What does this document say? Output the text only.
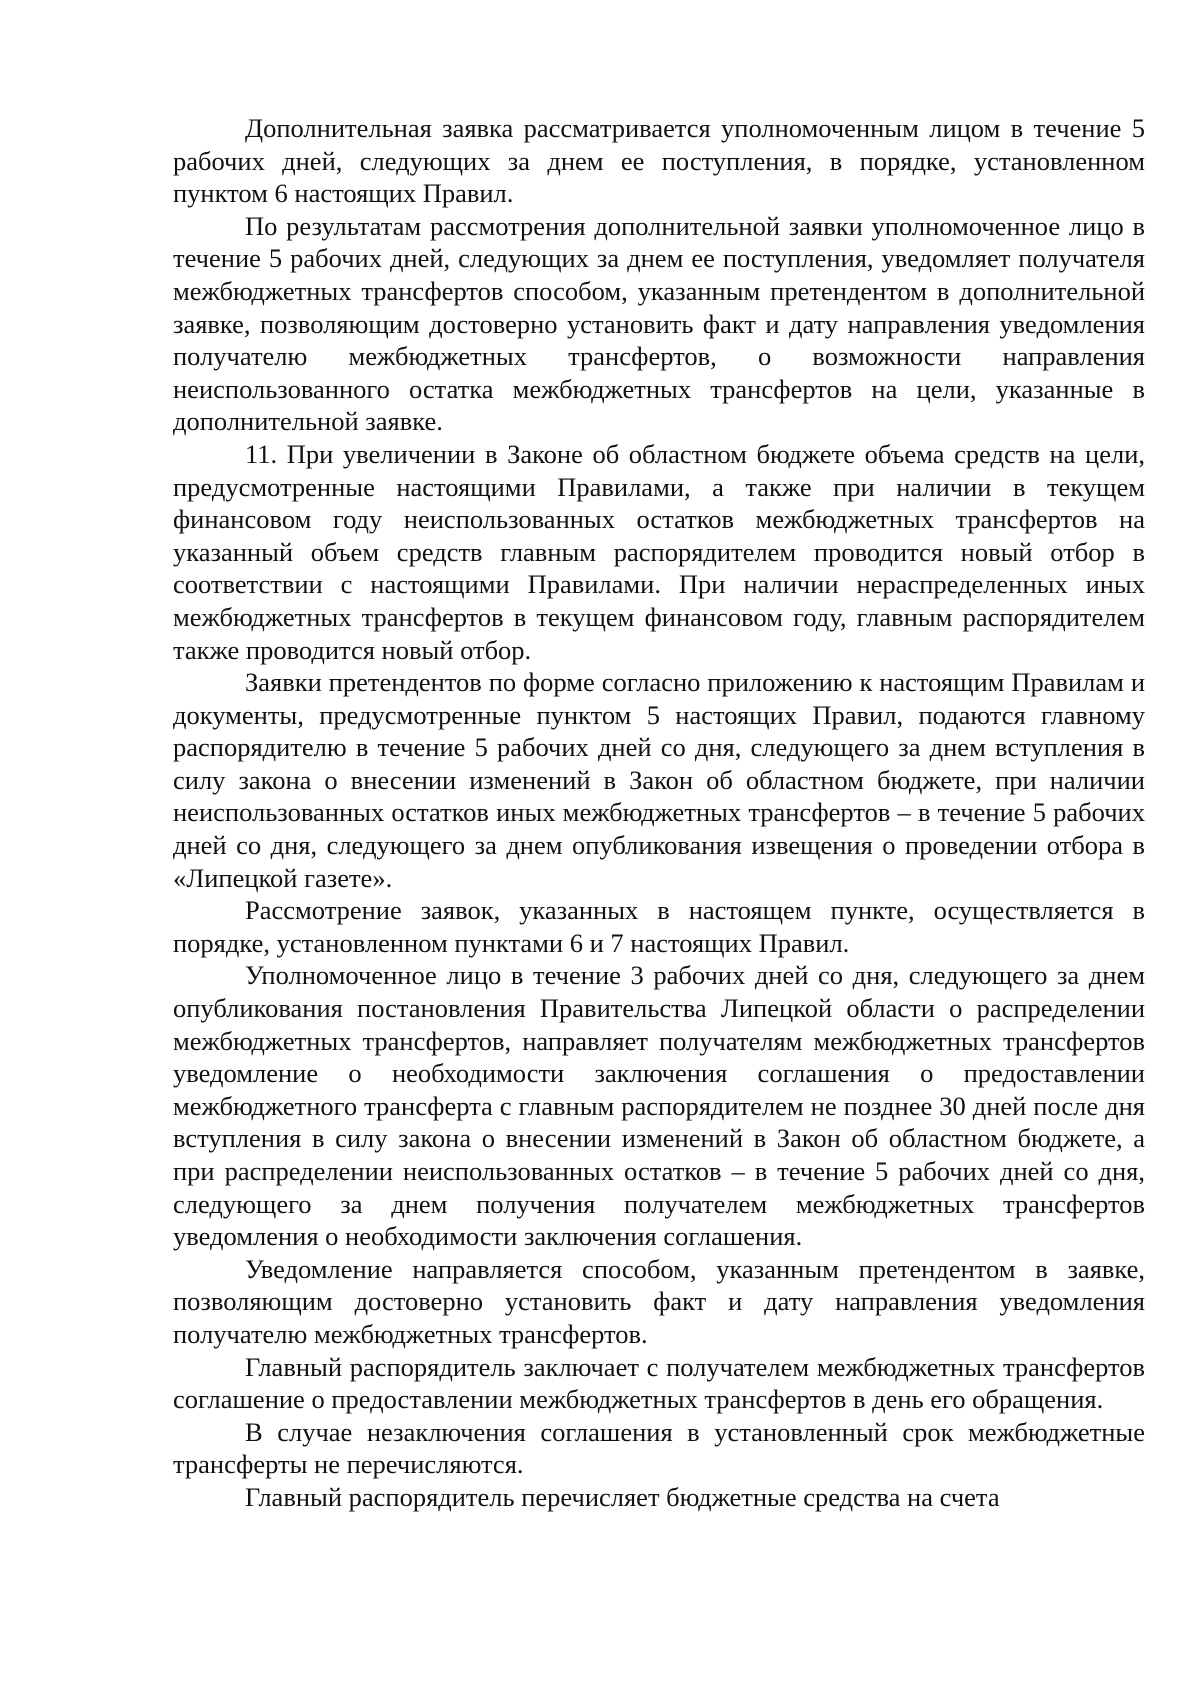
Дополнительная заявка рассматривается уполномоченным лицом в течение 5 рабочих дней, следующих за днем ее поступления, в порядке, установленном пунктом 6 настоящих Правил.

По результатам рассмотрения дополнительной заявки уполномоченное лицо в течение 5 рабочих дней, следующих за днем ее поступления, уведомляет получателя межбюджетных трансфертов способом, указанным претендентом в дополнительной заявке, позволяющим достоверно установить факт и дату направления уведомления получателю межбюджетных трансфертов, о возможности направления неиспользованного остатка межбюджетных трансфертов на цели, указанные в дополнительной заявке.

11. При увеличении в Законе об областном бюджете объема средств на цели, предусмотренные настоящими Правилами, а также при наличии в текущем финансовом году неиспользованных остатков межбюджетных трансфертов на указанный объем средств главным распорядителем проводится новый отбор в соответствии с настоящими Правилами. При наличии нераспределенных иных межбюджетных трансфертов в текущем финансовом году, главным распорядителем также проводится новый отбор.

Заявки претендентов по форме согласно приложению к настоящим Правилам и документы, предусмотренные пунктом 5 настоящих Правил, подаются главному распорядителю в течение 5 рабочих дней со дня, следующего за днем вступления в силу закона о внесении изменений в Закон об областном бюджете, при наличии неиспользованных остатков иных межбюджетных трансфертов – в течение 5 рабочих дней со дня, следующего за днем опубликования извещения о проведении отбора в «Липецкой газете».

Рассмотрение заявок, указанных в настоящем пункте, осуществляется в порядке, установленном пунктами 6 и 7 настоящих Правил.

Уполномоченное лицо в течение 3 рабочих дней со дня, следующего за днем опубликования постановления Правительства Липецкой области о распределении межбюджетных трансфертов, направляет получателям межбюджетных трансфертов уведомление о необходимости заключения соглашения о предоставлении межбюджетного трансферта с главным распорядителем не позднее 30 дней после дня вступления в силу закона о внесении изменений в Закон об областном бюджете, а при распределении неиспользованных остатков – в течение 5 рабочих дней со дня, следующего за днем получения получателем межбюджетных трансфертов уведомления о необходимости заключения соглашения.

Уведомление направляется способом, указанным претендентом в заявке, позволяющим достоверно установить факт и дату направления уведомления получателю межбюджетных трансфертов.

Главный распорядитель заключает с получателем межбюджетных трансфертов соглашение о предоставлении межбюджетных трансфертов в день его обращения.

В случае незаключения соглашения в установленный срок межбюджетные трансферты не перечисляются.

Главный распорядитель перечисляет бюджетные средства на счета
